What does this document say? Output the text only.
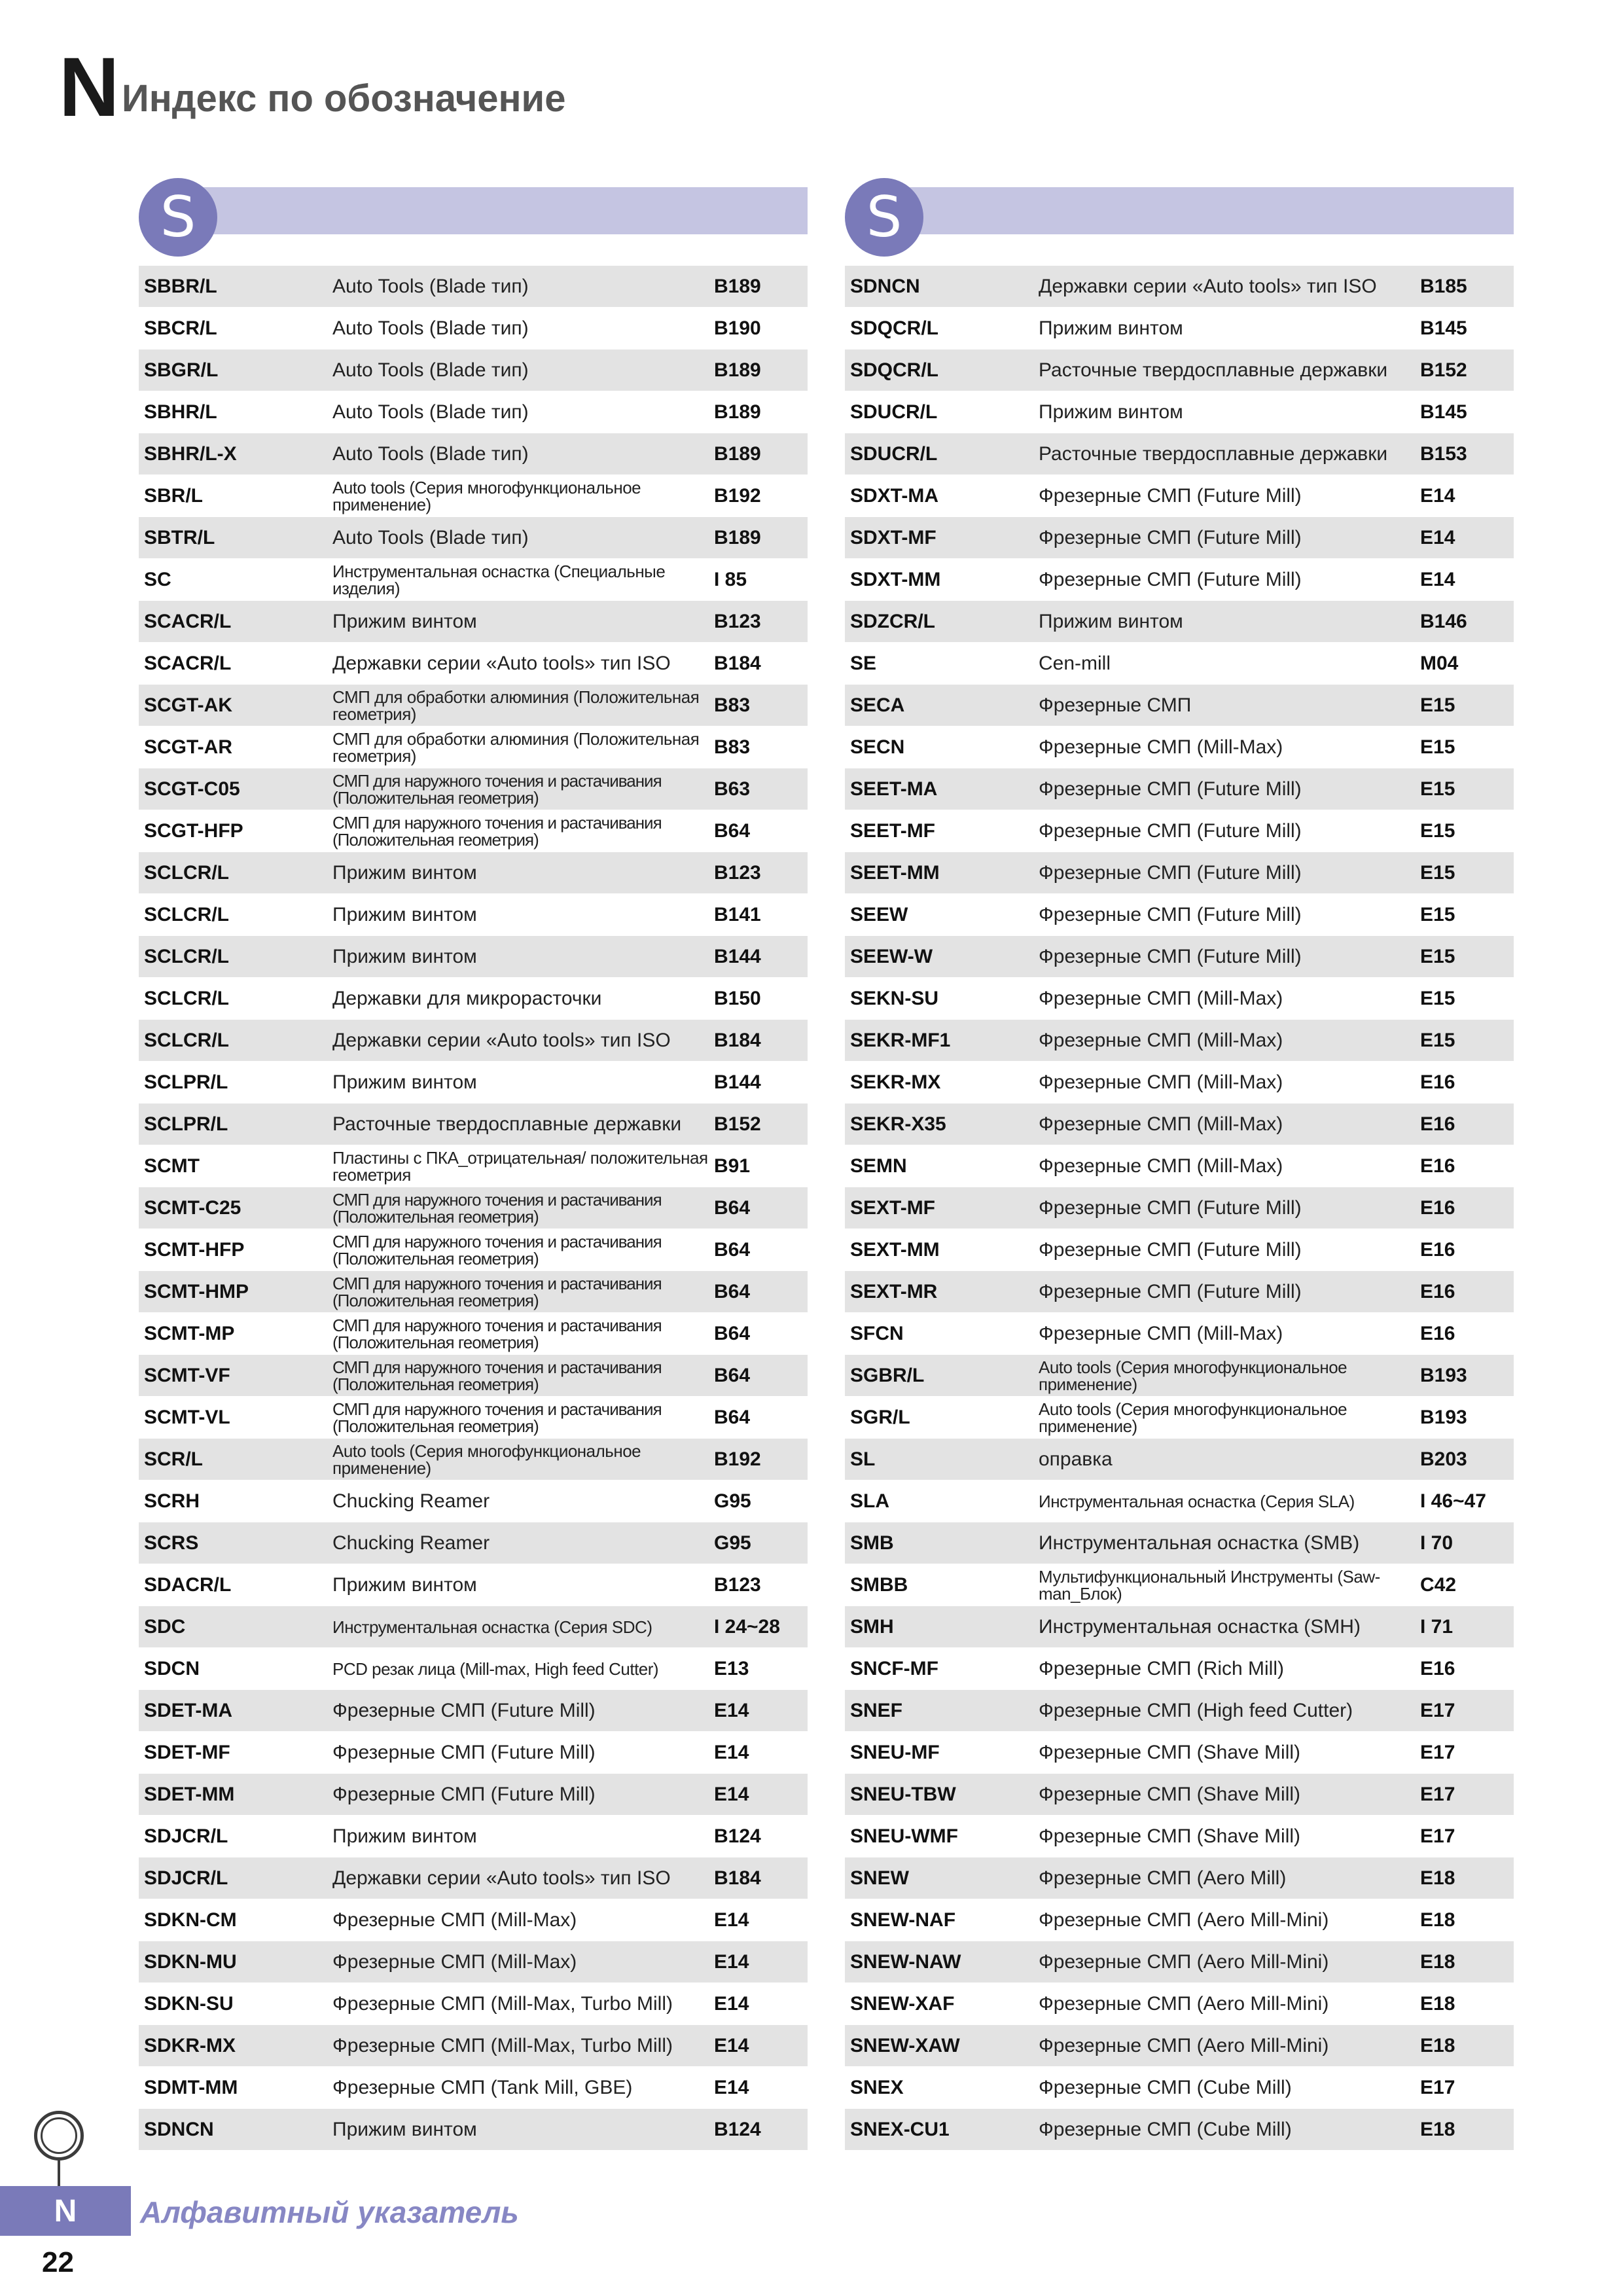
N Индекс по обозначение
S
SBBR/L	Auto Tools (Blade тип)	B189
SBCR/L	Auto Tools (Blade тип)	B190
SBGR/L	Auto Tools (Blade тип)	B189
SBHR/L	Auto Tools (Blade тип)	B189
SBHR/L-X	Auto Tools (Blade тип)	B189
SBR/L	Auto tools (Серия многофункциональное применение)	B192
SBTR/L	Auto Tools (Blade тип)	B189
SC	Инструментальная оснастка (Специальные изделия)	I 85
SCACR/L	Прижим винтом	B123
SCACR/L	Державки серии «Auto tools» тип ISO	B184
SCGT-AK	СМП для обработки алюминия (Положительная геометрия)	B83
SCGT-AR	СМП для обработки алюминия (Положительная геометрия)	B83
SCGT-C05	СМП для наружного точения и растачивания (Положительная геометрия)	B63
SCGT-HFP	СМП для наружного точения и растачивания (Положительная геометрия)	B64
SCLCR/L	Прижим винтом	B123
SCLCR/L	Прижим винтом	B141
SCLCR/L	Прижим винтом	B144
SCLCR/L	Державки для микрорасточки	B150
SCLCR/L	Державки серии «Auto tools» тип ISO	B184
SCLPR/L	Прижим винтом	B144
SCLPR/L	Расточные твердосплавные державки	B152
SCMT	Пластины с ПКА_отрицательная/ положительная геометрия	B91
SCMT-C25	СМП для наружного точения и растачивания (Положительная геометрия)	B64
SCMT-HFP	СМП для наружного точения и растачивания (Положительная геометрия)	B64
SCMT-HMP	СМП для наружного точения и растачивания (Положительная геометрия)	B64
SCMT-MP	СМП для наружного точения и растачивания (Положительная геометрия)	B64
SCMT-VF	СМП для наружного точения и растачивания (Положительная геометрия)	B64
SCMT-VL	СМП для наружного точения и растачивания (Положительная геометрия)	B64
SCR/L	Auto tools (Серия многофункциональное применение)	B192
SCRH	Chucking Reamer	G95
SCRS	Chucking Reamer	G95
SDACR/L	Прижим винтом	B123
SDC	Инструментальная оснастка (Серия SDC)	I 24~28
SDCN	PCD резак лица (Mill-max, High feed Cutter)	E13
SDET-MA	Фрезерные СМП (Future Mill)	E14
SDET-MF	Фрезерные СМП (Future Mill)	E14
SDET-MM	Фрезерные СМП (Future Mill)	E14
SDJCR/L	Прижим винтом	B124
SDJCR/L	Державки серии «Auto tools» тип ISO	B184
SDKN-CM	Фрезерные СМП (Mill-Max)	E14
SDKN-MU	Фрезерные СМП (Mill-Max)	E14
SDKN-SU	Фрезерные СМП (Mill-Max, Turbo Mill)	E14
SDKR-MX	Фрезерные СМП (Mill-Max, Turbo Mill)	E14
SDMT-MM	Фрезерные СМП (Tank Mill, GBE)	E14
SDNCN	Прижим винтом	B124
S
SDNCN	Державки серии «Auto tools» тип ISO	B185
SDQCR/L	Прижим винтом	B145
SDQCR/L	Расточные твердосплавные державки	B152
SDUCR/L	Прижим винтом	B145
SDUCR/L	Расточные твердосплавные державки	B153
SDXT-MA	Фрезерные СМП (Future Mill)	E14
SDXT-MF	Фрезерные СМП (Future Mill)	E14
SDXT-MM	Фрезерные СМП (Future Mill)	E14
SDZCR/L	Прижим винтом	B146
SE	Cen-mill	M04
SECA	Фрезерные СМП	E15
SECN	Фрезерные СМП (Mill-Max)	E15
SEET-MA	Фрезерные СМП (Future Mill)	E15
SEET-MF	Фрезерные СМП (Future Mill)	E15
SEET-MM	Фрезерные СМП (Future Mill)	E15
SEEW	Фрезерные СМП (Future Mill)	E15
SEEW-W	Фрезерные СМП (Future Mill)	E15
SEKN-SU	Фрезерные СМП (Mill-Max)	E15
SEKR-MF1	Фрезерные СМП (Mill-Max)	E15
SEKR-MX	Фрезерные СМП (Mill-Max)	E16
SEKR-X35	Фрезерные СМП (Mill-Max)	E16
SEMN	Фрезерные СМП (Mill-Max)	E16
SEXT-MF	Фрезерные СМП (Future Mill)	E16
SEXT-MM	Фрезерные СМП (Future Mill)	E16
SEXT-MR	Фрезерные СМП (Future Mill)	E16
SFCN	Фрезерные СМП (Mill-Max)	E16
SGBR/L	Auto tools (Серия многофункциональное применение)	B193
SGR/L	Auto tools (Серия многофункциональное применение)	B193
SL	оправка	B203
SLA	Инструментальная оснастка (Серия SLA)	I 46~47
SMB	Инструментальная оснастка (SMB)	I 70
SMBB	Мультифункциональный Инструменты (Saw-man_Блок)	C42
SMH	Инструментальная оснастка (SMH)	I 71
SNCF-MF	Фрезерные СМП (Rich Mill)	E16
SNEF	Фрезерные СМП (High feed Cutter)	E17
SNEU-MF	Фрезерные СМП (Shave Mill)	E17
SNEU-TBW	Фрезерные СМП (Shave Mill)	E17
SNEU-WMF	Фрезерные СМП (Shave Mill)	E17
SNEW	Фрезерные СМП (Aero Mill)	E18
SNEW-NAF	Фрезерные СМП (Aero Mill-Mini)	E18
SNEW-NAW	Фрезерные СМП (Aero Mill-Mini)	E18
SNEW-XAF	Фрезерные СМП (Aero Mill-Mini)	E18
SNEW-XAW	Фрезерные СМП (Aero Mill-Mini)	E18
SNEX	Фрезерные СМП (Cube Mill)	E17
SNEX-CU1	Фрезерные СМП (Cube Mill)	E18
N	Алфавитный указатель
22
